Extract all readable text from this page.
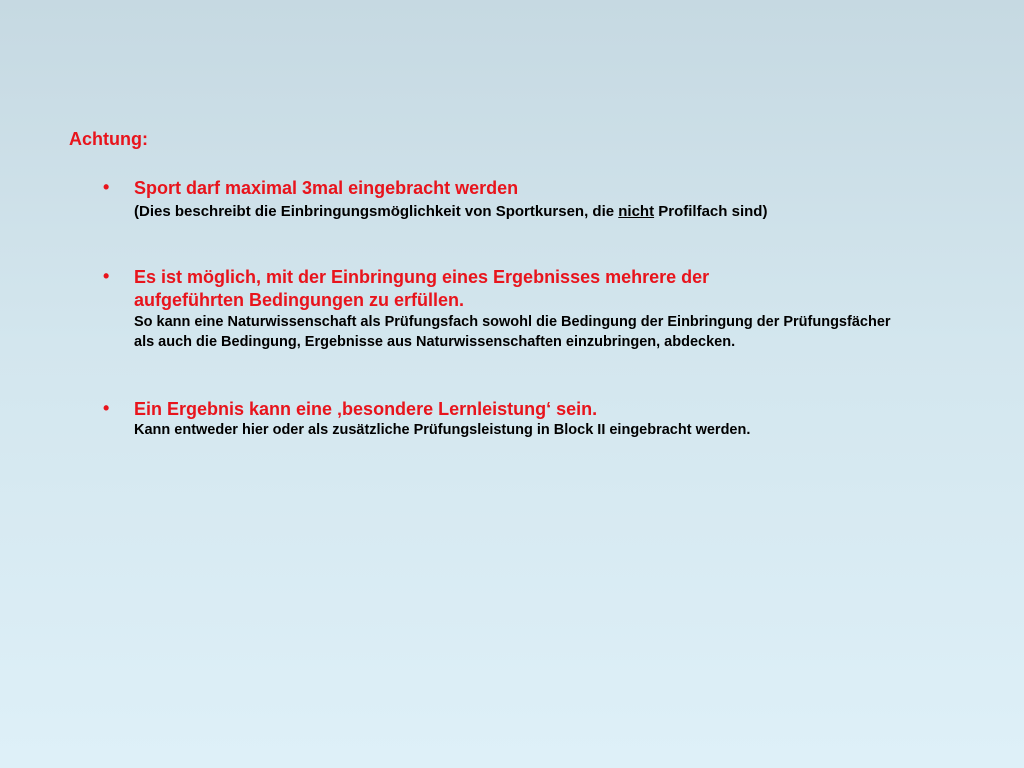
Achtung:
• Sport darf maximal 3mal eingebracht werden
(Dies beschreibt die Einbringungsmöglichkeit von Sportkursen, die nicht Profilfach sind)
• Es ist möglich, mit der Einbringung eines Ergebnisses mehrere der aufgeführten Bedingungen zu erfüllen.
So kann eine Naturwissenschaft als Prüfungsfach sowohl die Bedingung der Einbringung der Prüfungsfächer als auch die Bedingung, Ergebnisse aus Naturwissenschaften einzubringen, abdecken.
• Ein Ergebnis kann eine ‚besondere Lernleistung‘ sein.
Kann entweder hier oder als zusätzliche Prüfungsleistung in Block II eingebracht werden.
